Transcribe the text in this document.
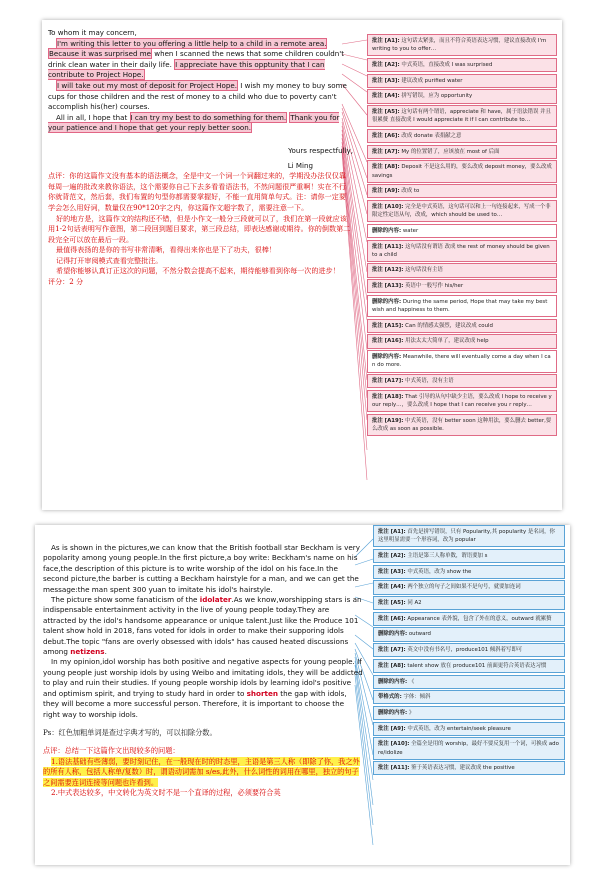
To whom it may concern,

I'm writing this letter to you offering a little help to a child in a remote area. Because it was surprised me when I scanned the news that some children couldn't drink clean water in their daily life. I appreciate have this opptunity that I can contribute to Project Hope.

I will take out my most of deposit for Project Hope. I wish my money to buy some cups for those children and the rest of money to a child who due to poverty can't accomplish his(her) courses.

All in all, I hope that I can try my best to do something for them. Thank you for your patience and I hope that get your reply better soon.

Yours respectfully,

Li Ming

点评：你的这篇作文没有基本的语法概念，全是中文一个词一个词翻过来的，学期没办法仅仅靠每周一遍的批改来教你语法，这个需要你自己下去多看看语法书，不然问题很严重啊！实在不行你就背范文，然后套，我们布置的句型你都需要掌握好，不能一直用简单句式。注：请你一定要学会怎么用好词，数量仅在90*120字之内，你这篇作文超字数了，需要注意一下。

好的地方是，这篇作文的结构还不错，但是小作文一般分三段就可以了，我们在第一段就应该用1-2句话表明写作意图，第二段回到题目要求，第三段总结，即表达感谢或期待。你的倒数第二段完全可以放在最后一段。

最值得表扬的是你的书写非常清晰，看得出来你也是下了功夫，很棒！

记得打开审阅模式查看完整批注。

希望你能够认真订正这次的问题，不然分数会提高不起来，期待能够看到你每一次的进步！

评分：2 分

批注 [A1]: 这句话太紧张，而且不符合英语表达习惯，建议直接改成 I'm writing to you to offer…
批注 [A2]: 中式英语，直接改成 I was surprised
批注 [A3]: 建议改成 purified water
批注 [A4]: 拼写错误，应为 opportunity
批注 [A5]: 这句话有两个谓语，appreciate 和 have，属于语法错误 并且很累赘 直接改成 I would appreciate it if I can contribute to…
批注 [A6]: 改成 donate 表捐献之意
批注 [A7]: My 的位置错了，应该放在 most of 后面
批注 [A8]: Deposit 不是这么用的，要么改成 deposit money，要么改成 savings
批注 [A9]: 改成 to
批注 [A10]: 完全是中式英语，这句话可以和上一句连接起来，写成一个非限定性定语从句，改成，which should be used to…
删除的内容: water
批注 [A11]: 这句话没有谓语 改成 the rest of money should be given to a child
批注 [A12]: 这句话没有主语
批注 [A13]: 英语中一般写作 his/her
删除的内容: During the same period, Hope that may take my best wish and happiness to them.
批注 [A15]: Can 的情感太强烈，建议改成 could
批注 [A16]: 用法太太大简单了，建议改成 help
删除的内容: Meanwhile, there will eventually come a day when I can do more.
批注 [A17]: 中式英语，没有主语
批注 [A18]: That 引导的从句中缺少主语，要么改成 I hope to receive your reply…，要么改成 I hope that I can receive you r reply…
批注 [A19]: 中式英语，没有 better soon 这种用法，要么删去 better,要么改成 as soon as possible.

As is shown in the pictures,we can know that the British football star Beckham is very popolarity among young people.In the first picture,a boy write: Beckham's name on his face,the description of this picture is to write worship of the idol on his face.In the second picture,the barber is cutting a Beckham hairstyle for a man, and we can get the message:the man spent 300 yuan to imitate his idol's hairstyle.

The picture show some fanaticism of the idolater.As we know,worshipping stars is an indispensable entertainment activity in the live of young people today.They are attracted by the idol's handsome appearance or unique talent.Just like the Produce 101 talent show hold in 2018, fans voted for idols in order to make their supporing idols debut.The topic "fans are overly obsessed with idols" has caused heated discussions among netizens.

In my opinion,idol worship has both positive and negative aspects for young people. If young people just worship idols by using Weibo and imitating idols, they will be addicted to play and ruin their studies. If young people worship idols by learning idol's positive and optimism spirit, and trying to study hard in order to shorten the gap with idols, they will become a more successful person. Therefore, it is important to choose the right way to worship idols.

Ps：红色加粗单词是查过字典才写的，可以扣除分数。

点评：总结一下这篇作文出现较多的问题：

1.语法基础有些薄弱，要时刻记住，在一般现在时的时态里，主语是第三人称（即除了你，我之外的所有人称，包括人称单/复数）时，谓语动词需加 s/es,此外，什么词性的词用在哪里，独立的句子之间需要连词连接等问题也许看到。

2.中式表达较多，中文转化为英文时不是一个直译的过程，必须要符合英

批注 [A1]: 首先是拼写错误，只有 Popularity,其 popularity 是名词，你这里明显需要一个形容词，改为 popular
批注 [A2]: 主语是第三人称单数，谓语要加 s
批注 [A3]: 中式英语，改为 show the
批注 [A4]: 两个独立的句子之间如果不是句号，就要加连词
批注 [A5]: 同 A2
批注 [A6]: Appearance 表外貌，包含了外在的意义，outward 就累赘
删除的内容: outward
批注 [A7]: 英文中没有书名号，produce101 倾斜着写即可
批注 [A8]: talent show 放在 produce101 前面更符合英语表达习惯
删除的内容: 《
带格式的: 字体：倾斜
删除的内容: 》
批注 [A9]: 中式英语，改为 entertain/seek pleasure
批注 [A10]: 全篇全是用的 worship，最好不要反复用一个词，可换成 adore/idolize
批注 [A11]: 鉴于英语表达习惯，建议改成 the positive
